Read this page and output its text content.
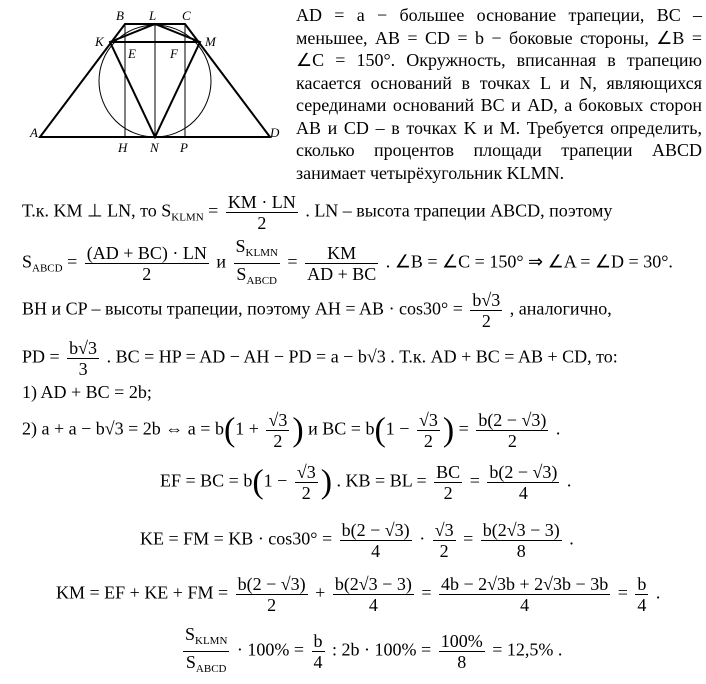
A
B L C
K	M
E	F
H N P
D

AD = a − большее основание трапеции, BC – меньшее, AB = CD = b − боковые стороны, ∠B = ∠C = 150°. Окружность, вписанная в трапецию касается оснований в точках L и N, являющихся серединами оснований BC и AD, а боковых сторон AB и CD – в точках K и M. Требуется определить, сколько процентов площади трапеции ABCD занимает четырёхугольник KLMN.

Т.к. KM ⊥ LN, то $S_{KLMN} = \frac{KM \cdot LN}{2}$ . LN – высота трапеции ABCD, поэтому
$S_{ABCD} = \frac{(AD + BC) \cdot LN}{2}$ и $\frac{S_{KLMN}}{S_{ABCD}} = \frac{KM}{AD + BC}$ . ∠B = ∠C = 150° ⇒ ∠A = ∠D = 30°.
BH и CP – высоты трапеции, поэтому AH = AB · $\cos 30^\circ = \frac{b√3}{2}$ , аналогично,
PD = $\frac{b√3}{3}$ . BC = HP = AD − AH − PD = a − b√3 . Т.к. AD + BC = AB + CD, то:
1) AD + BC = 2b;
2) a + a − b√3 = 2b ⇔ $a = b(1 + \frac{√3}{2}$ ) и BC = $b(1 - \frac{√3}{2}$ ) = $\frac{b(2 - √3)}{2}$ .
EF = BC = $b(1 - \frac{√3}{2}$ ) . KB = BL = $\frac{BC}{2} = \frac{b(2 - √3)}{4}$ .
KE = FM = KB · $\cos 30^\circ = \frac{b(2 - √3)}{4} \cdot \frac{√3}{2} = \frac{b(2√3 - 3)}{8}$ .
KM = EF + KE + FM = $\frac{b(2 - √3)}{2} + \frac{b(2√3 - 3)}{4} = \frac{4b - 2√3b + 2√3b - 3b}{4} = \frac{b}{4}$ .
$\frac{S_{KLMN}}{S_{ABCD}} \cdot 100\% = \frac{b}{4}$ : $2b \cdot 100\% = \frac{100\%}{8} = 12,5\%$ .
